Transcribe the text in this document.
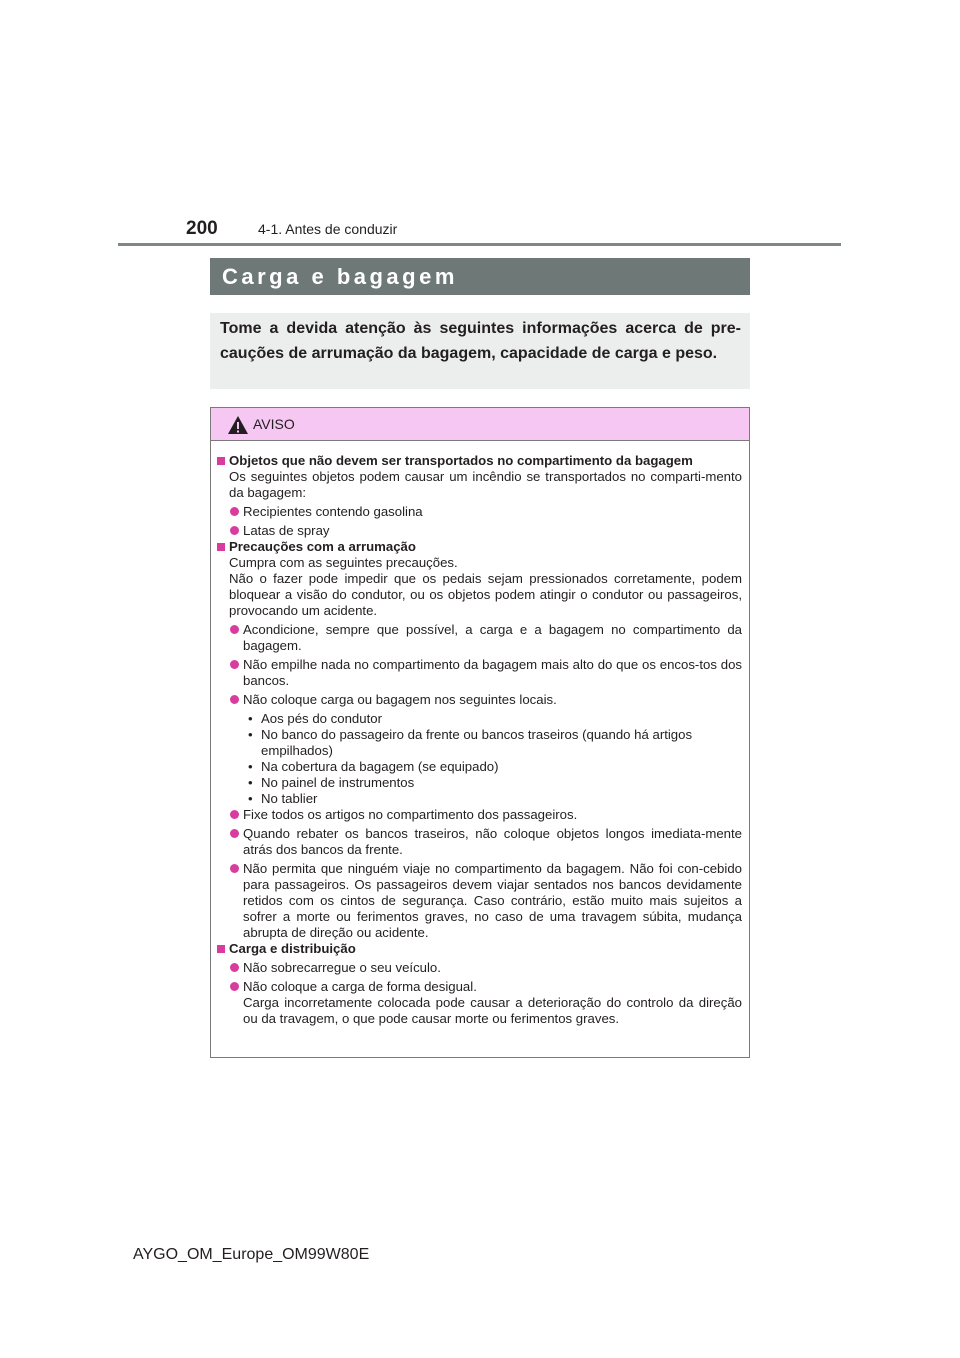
200	4-1. Antes de conduzir
Carga e bagagem
Tome a devida atenção às seguintes informações acerca de pre-cauções de arrumação da bagagem, capacidade de carga e peso.
AVISO
Objetos que não devem ser transportados no compartimento da bagagem
Os seguintes objetos podem causar um incêndio se transportados no comparti-mento da bagagem:
Recipientes contendo gasolina
Latas de spray
Precauções com a arrumação
Cumpra com as seguintes precauções.
Não o fazer pode impedir que os pedais sejam pressionados corretamente, podem bloquear a visão do condutor, ou os objetos podem atingir o condutor ou passageiros, provocando um acidente.
Acondicione, sempre que possível, a carga e a bagagem no compartimento da bagagem.
Não empilhe nada no compartimento da bagagem mais alto do que os encos-tos dos bancos.
Não coloque carga ou bagagem nos seguintes locais.
• Aos pés do condutor
• No banco do passageiro da frente ou bancos traseiros (quando há artigos empilhados)
• Na cobertura da bagagem (se equipado)
• No painel de instrumentos
• No tablier
Fixe todos os artigos no compartimento dos passageiros.
Quando rebater os bancos traseiros, não coloque objetos longos imediata-mente atrás dos bancos da frente.
Não permita que ninguém viaje no compartimento da bagagem. Não foi con-cebido para passageiros. Os passageiros devem viajar sentados nos bancos devidamente retidos com os cintos de segurança. Caso contrário, estão muito mais sujeitos a sofrer a morte ou ferimentos graves, no caso de uma travagem súbita, mudança abrupta de direção ou acidente.
Carga e distribuição
Não sobrecarregue o seu veículo.
Não coloque a carga de forma desigual.
Carga incorretamente colocada pode causar a deterioração do controlo da direção ou da travagem, o que pode causar morte ou ferimentos graves.
AYGO_OM_Europe_OM99W80E
